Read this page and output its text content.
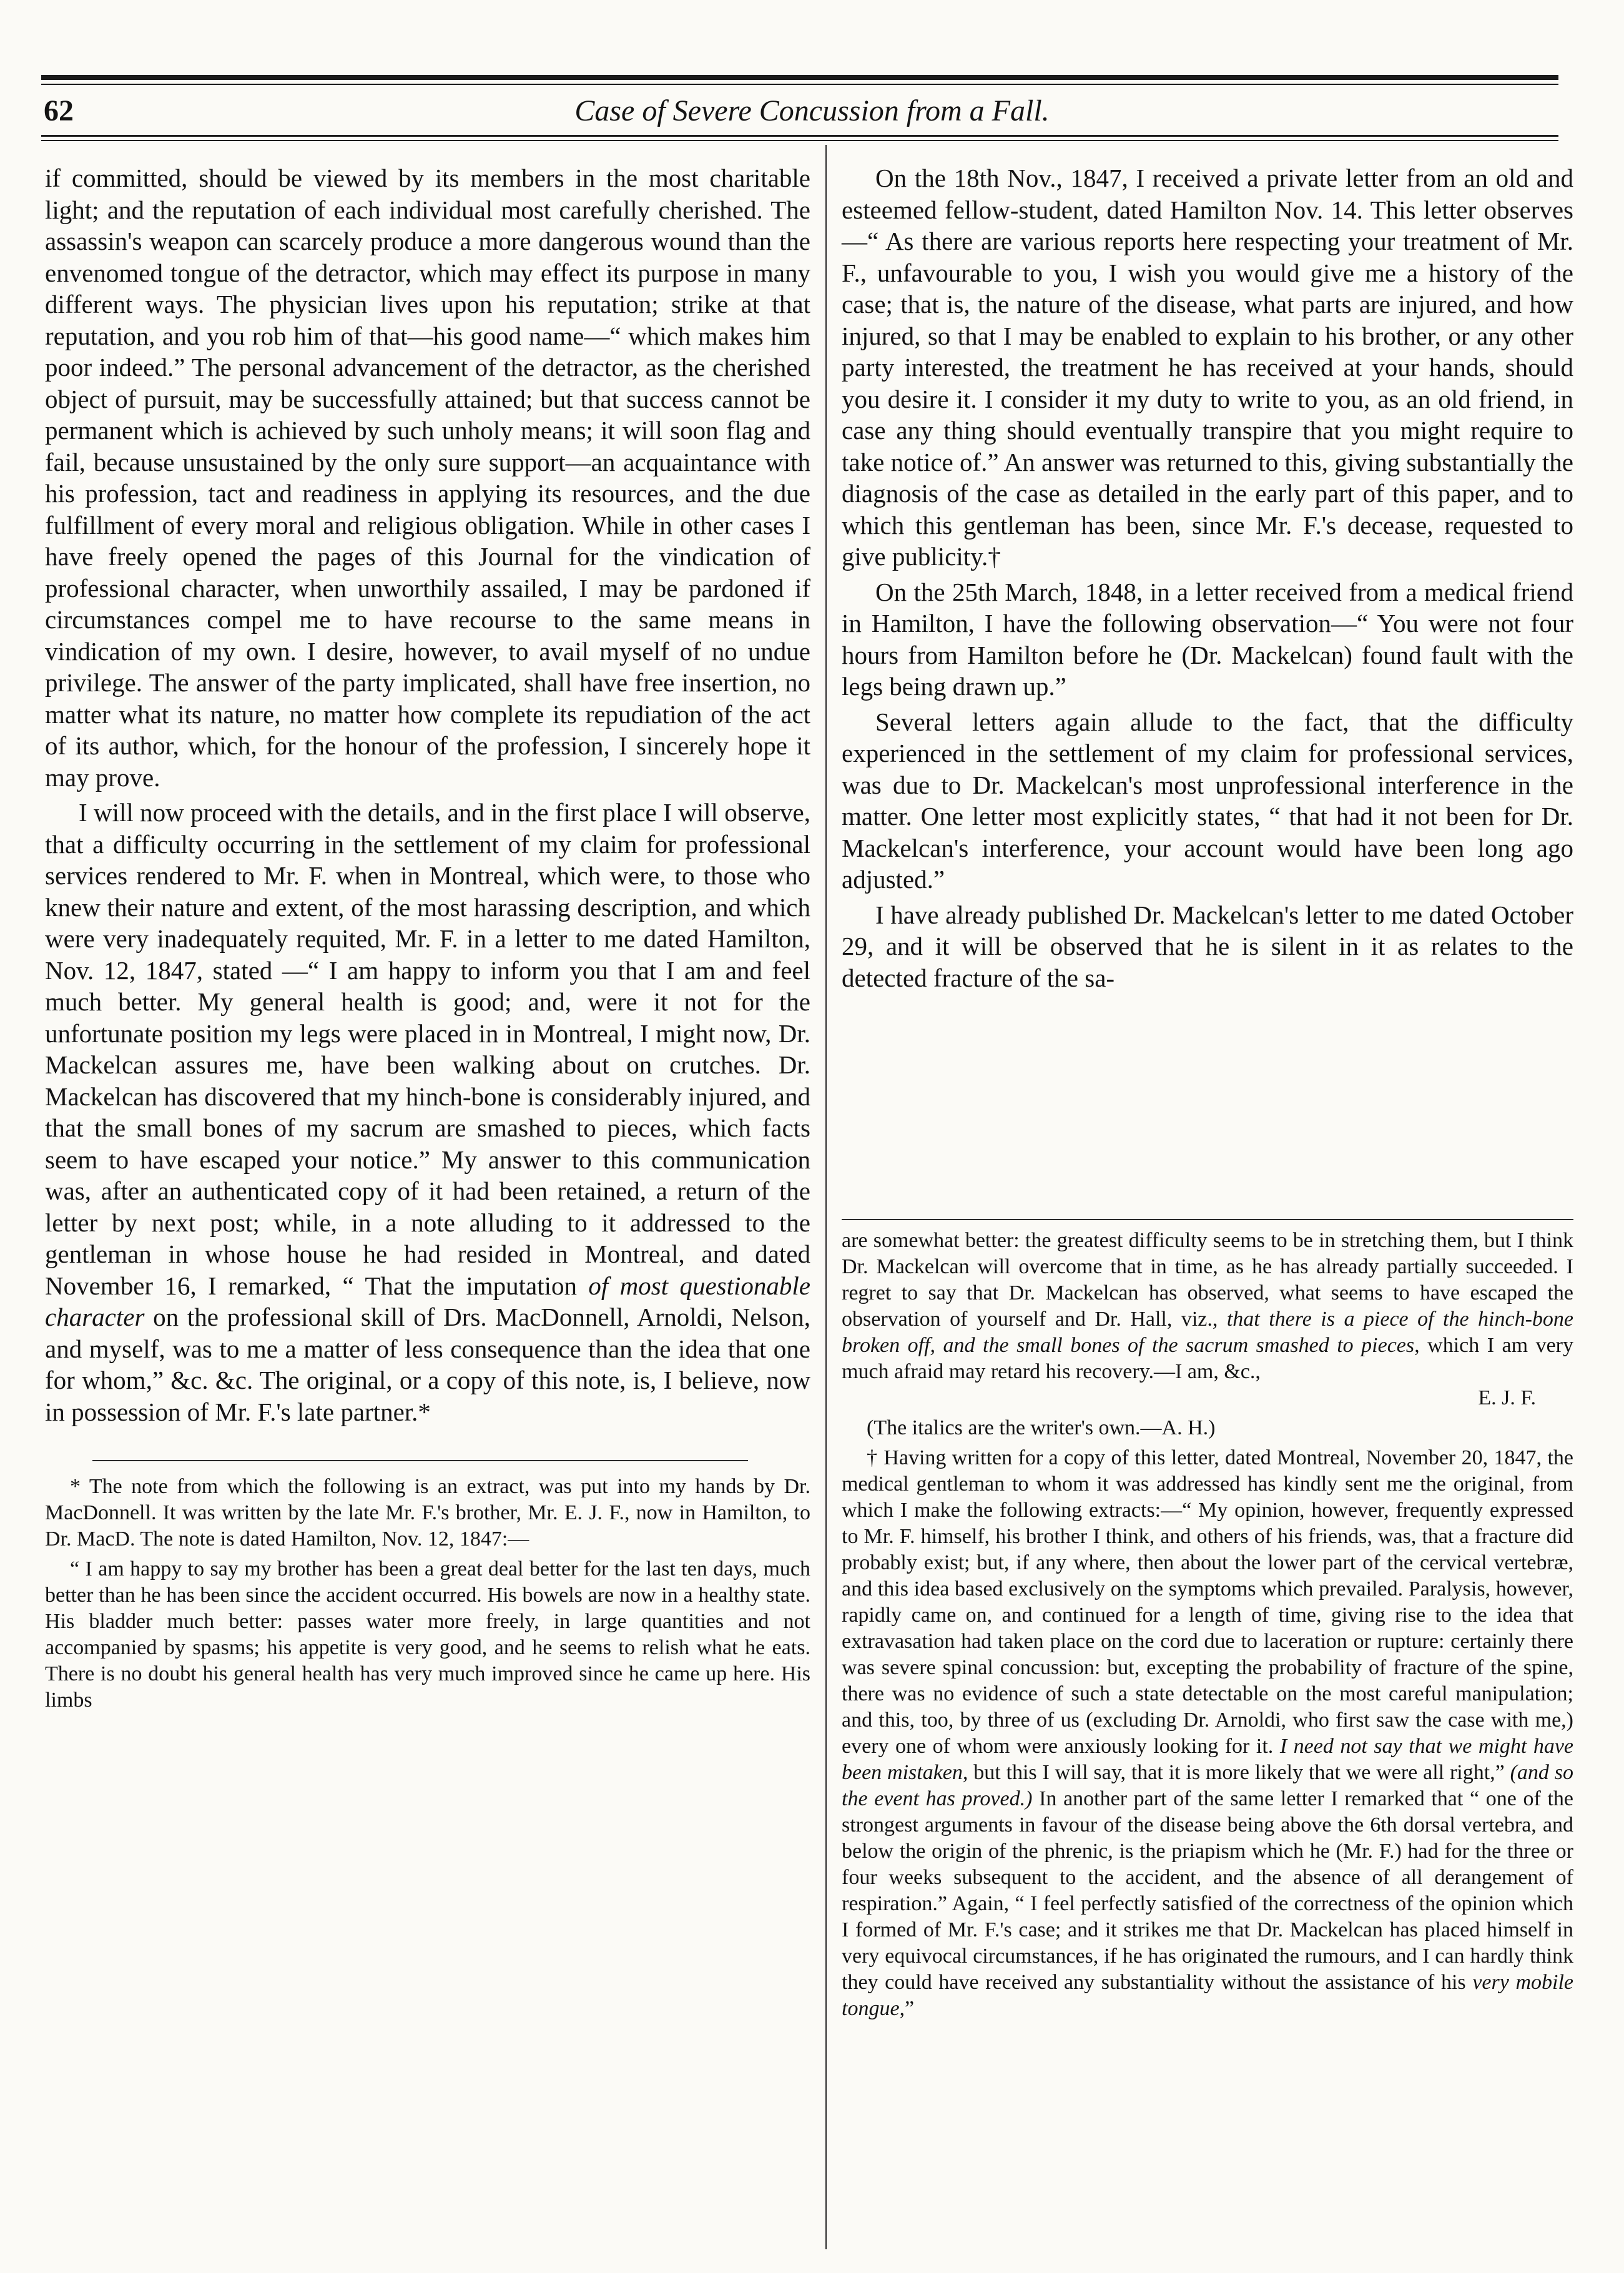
62	Case of Severe Concussion from a Fall.

if committed, should be viewed by its members in the most charitable light; and the reputation of each individual most carefully cherished. The assassin's weapon can scarcely produce a more dangerous wound than the envenomed tongue of the detractor, which may effect its purpose in many different ways. The physician lives upon his reputation; strike at that reputation, and you rob him of that—his good name—“ which makes him poor indeed.” The personal advancement of the detractor, as the cherished object of pursuit, may be successfully attained; but that success cannot be permanent which is achieved by such unholy means; it will soon flag and fail, because unsustained by the only sure support—an acquaintance with his profession, tact and readiness in applying its resources, and the due fulfillment of every moral and religious obligation. While in other cases I have freely opened the pages of this Journal for the vindication of professional character, when unworthily assailed, I may be pardoned if circumstances compel me to have recourse to the same means in vindication of my own. I desire, however, to avail myself of no undue privilege. The answer of the party implicated, shall have free insertion, no matter what its nature, no matter how complete its repudiation of the act of its author, which, for the honour of the profession, I sincerely hope it may prove.

I will now proceed with the details, and in the first place I will observe, that a difficulty occurring in the settlement of my claim for professional services rendered to Mr. F. when in Montreal, which were, to those who knew their nature and extent, of the most harassing description, and which were very inadequately requited, Mr. F. in a letter to me dated Hamilton, Nov. 12, 1847, stated —“ I am happy to inform you that I am and feel much better. My general health is good; and, were it not for the unfortunate position my legs were placed in in Montreal, I might now, Dr. Mackelcan assures me, have been walking about on crutches. Dr. Mackelcan has discovered that my hinch-bone is considerably injured, and that the small bones of my sacrum are smashed to pieces, which facts seem to have escaped your notice.” My answer to this communication was, after an authenticated copy of it had been retained, a return of the letter by next post; while, in a note alluding to it addressed to the gentleman in whose house he had resided in Montreal, and dated November 16, I remarked, “ That the imputation of most questionable character on the professional skill of Drs. MacDonnell, Arnoldi, Nelson, and myself, was to me a matter of less consequence than the idea that one for whom,” &c. &c. The original, or a copy of this note, is, I believe, now in possession of Mr. F.'s late partner.*

* The note from which the following is an extract, was put into my hands by Dr. MacDonnell. It was written by the late Mr. F.'s brother, Mr. E. J. F., now in Hamilton, to Dr. MacD. The note is dated Hamilton, Nov. 12, 1847:—

“ I am happy to say my brother has been a great deal better for the last ten days, much better than he has been since the accident occurred. His bowels are now in a healthy state. His bladder much better: passes water more freely, in large quantities and not accompanied by spasms; his appetite is very good, and he seems to relish what he eats. There is no doubt his general health has very much improved since he came up here. His limbs

On the 18th Nov., 1847, I received a private letter from an old and esteemed fellow-student, dated Hamilton Nov. 14. This letter observes—“ As there are various reports here respecting your treatment of Mr. F., unfavourable to you, I wish you would give me a history of the case; that is, the nature of the disease, what parts are injured, and how injured, so that I may be enabled to explain to his brother, or any other party interested, the treatment he has received at your hands, should you desire it. I consider it my duty to write to you, as an old friend, in case any thing should eventually transpire that you might require to take notice of.” An answer was returned to this, giving substantially the diagnosis of the case as detailed in the early part of this paper, and to which this gentleman has been, since Mr. F.'s decease, requested to give publicity.†

On the 25th March, 1848, in a letter received from a medical friend in Hamilton, I have the following observation—“ You were not four hours from Hamilton before he (Dr. Mackelcan) found fault with the legs being drawn up.”

Several letters again allude to the fact, that the difficulty experienced in the settlement of my claim for professional services, was due to Dr. Mackelcan's most unprofessional interference in the matter. One letter most explicitly states, “ that had it not been for Dr. Mackelcan's interference, your account would have been long ago adjusted.”

I have already published Dr. Mackelcan's letter to me dated October 29, and it will be observed that he is silent in it as relates to the detected fracture of the sa-

are somewhat better: the greatest difficulty seems to be in stretching them, but I think Dr. Mackelcan will overcome that in time, as he has already partially succeeded. I regret to say that Dr. Mackelcan has observed, what seems to have escaped the observation of yourself and Dr. Hall, viz., that there is a piece of the hinch-bone broken off, and the small bones of the sacrum smashed to pieces, which I am very much afraid may retard his recovery.—I am, &c.,
E. J. F.

(The italics are the writer's own.—A. H.)

† Having written for a copy of this letter, dated Montreal, November 20, 1847, the medical gentleman to whom it was addressed has kindly sent me the original, from which I make the following extracts:—“ My opinion, however, frequently expressed to Mr. F. himself, his brother I think, and others of his friends, was, that a fracture did probably exist; but, if any where, then about the lower part of the cervical vertebræ, and this idea based exclusively on the symptoms which prevailed. Paralysis, however, rapidly came on, and continued for a length of time, giving rise to the idea that extravasation had taken place on the cord due to laceration or rupture: certainly there was severe spinal concussion: but, excepting the probability of fracture of the spine, there was no evidence of such a state detectable on the most careful manipulation; and this, too, by three of us (excluding Dr. Arnoldi, who first saw the case with me,) every one of whom were anxiously looking for it. I need not say that we might have been mistaken, but this I will say, that it is more likely that we were all right,” (and so the event has proved.) In another part of the same letter I remarked that “ one of the strongest arguments in favour of the disease being above the 6th dorsal vertebra, and below the origin of the phrenic, is the priapism which he (Mr. F.) had for the three or four weeks subsequent to the accident, and the absence of all derangement of respiration.” Again, “ I feel perfectly satisfied of the correctness of the opinion which I formed of Mr. F.'s case; and it strikes me that Dr. Mackelcan has placed himself in very equivocal circumstances, if he has originated the rumours, and I can hardly think they could have received any substantiality without the assistance of his very mobile tongue,”
